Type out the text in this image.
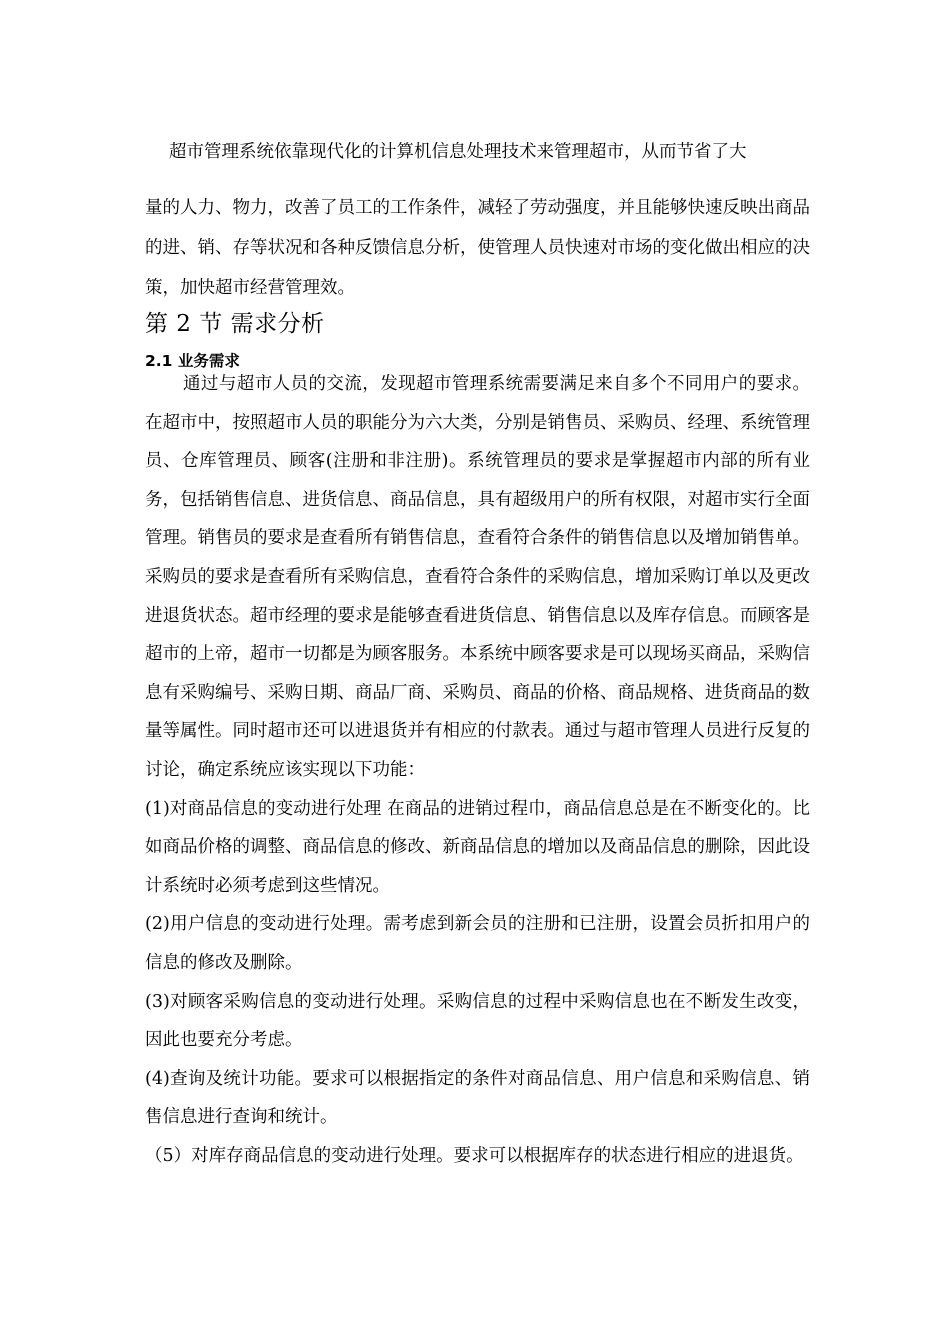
超市管理系统依靠现代化的计算机信息处理技术来管理超市，从而节省了大
量的人力、物力，改善了员工的工作条件，减轻了劳动强度，并且能够快速反映出商品的进、销、存等状况和各种反馈信息分析，使管理人员快速对市场的变化做出相应的决策，加快超市经营管理效。

第 2 节 需求分析
2.1 业务需求
通过与超市人员的交流，发现超市管理系统需要满足来自多个不同用户的要求。在超市中，按照超市人员的职能分为六大类，分别是销售员、采购员、经理、系统管理员、仓库管理员、顾客(注册和非注册)。系统管理员的要求是掌握超市内部的所有业务，包括销售信息、进货信息、商品信息，具有超级用户的所有权限，对超市实行全面管理。销售员的要求是查看所有销售信息，查看符合条件的销售信息以及增加销售单。采购员的要求是查看所有采购信息，查看符合条件的采购信息，增加采购订单以及更改进退货状态。超市经理的要求是能够查看进货信息、销售信息以及库存信息。而顾客是超市的上帝，超市一切都是为顾客服务。本系统中顾客要求是可以现场买商品，采购信息有采购编号、采购日期、商品厂商、采购员、商品的价格、商品规格、进货商品的数量等属性。同时超市还可以进退货并有相应的付款表。通过与超市管理人员进行反复的讨论，确定系统应该实现以下功能：
(1)对商品信息的变动进行处理 在商品的进销过程巾，商品信息总是在不断变化的。比如商品价格的调整、商品信息的修改、新商品信息的增加以及商品信息的删除，因此设计系统时必须考虑到这些情况。
(2)用户信息的变动进行处理。需考虑到新会员的注册和已注册，设置会员折扣用户的信息的修改及删除。
(3)对顾客采购信息的变动进行处理。采购信息的过程中采购信息也在不断发生改变，因此也要充分考虑。
(4)查询及统计功能。要求可以根据指定的条件对商品信息、用户信息和采购信息、销售信息进行查询和统计。
（5）对库存商品信息的变动进行处理。要求可以根据库存的状态进行相应的进退货。
